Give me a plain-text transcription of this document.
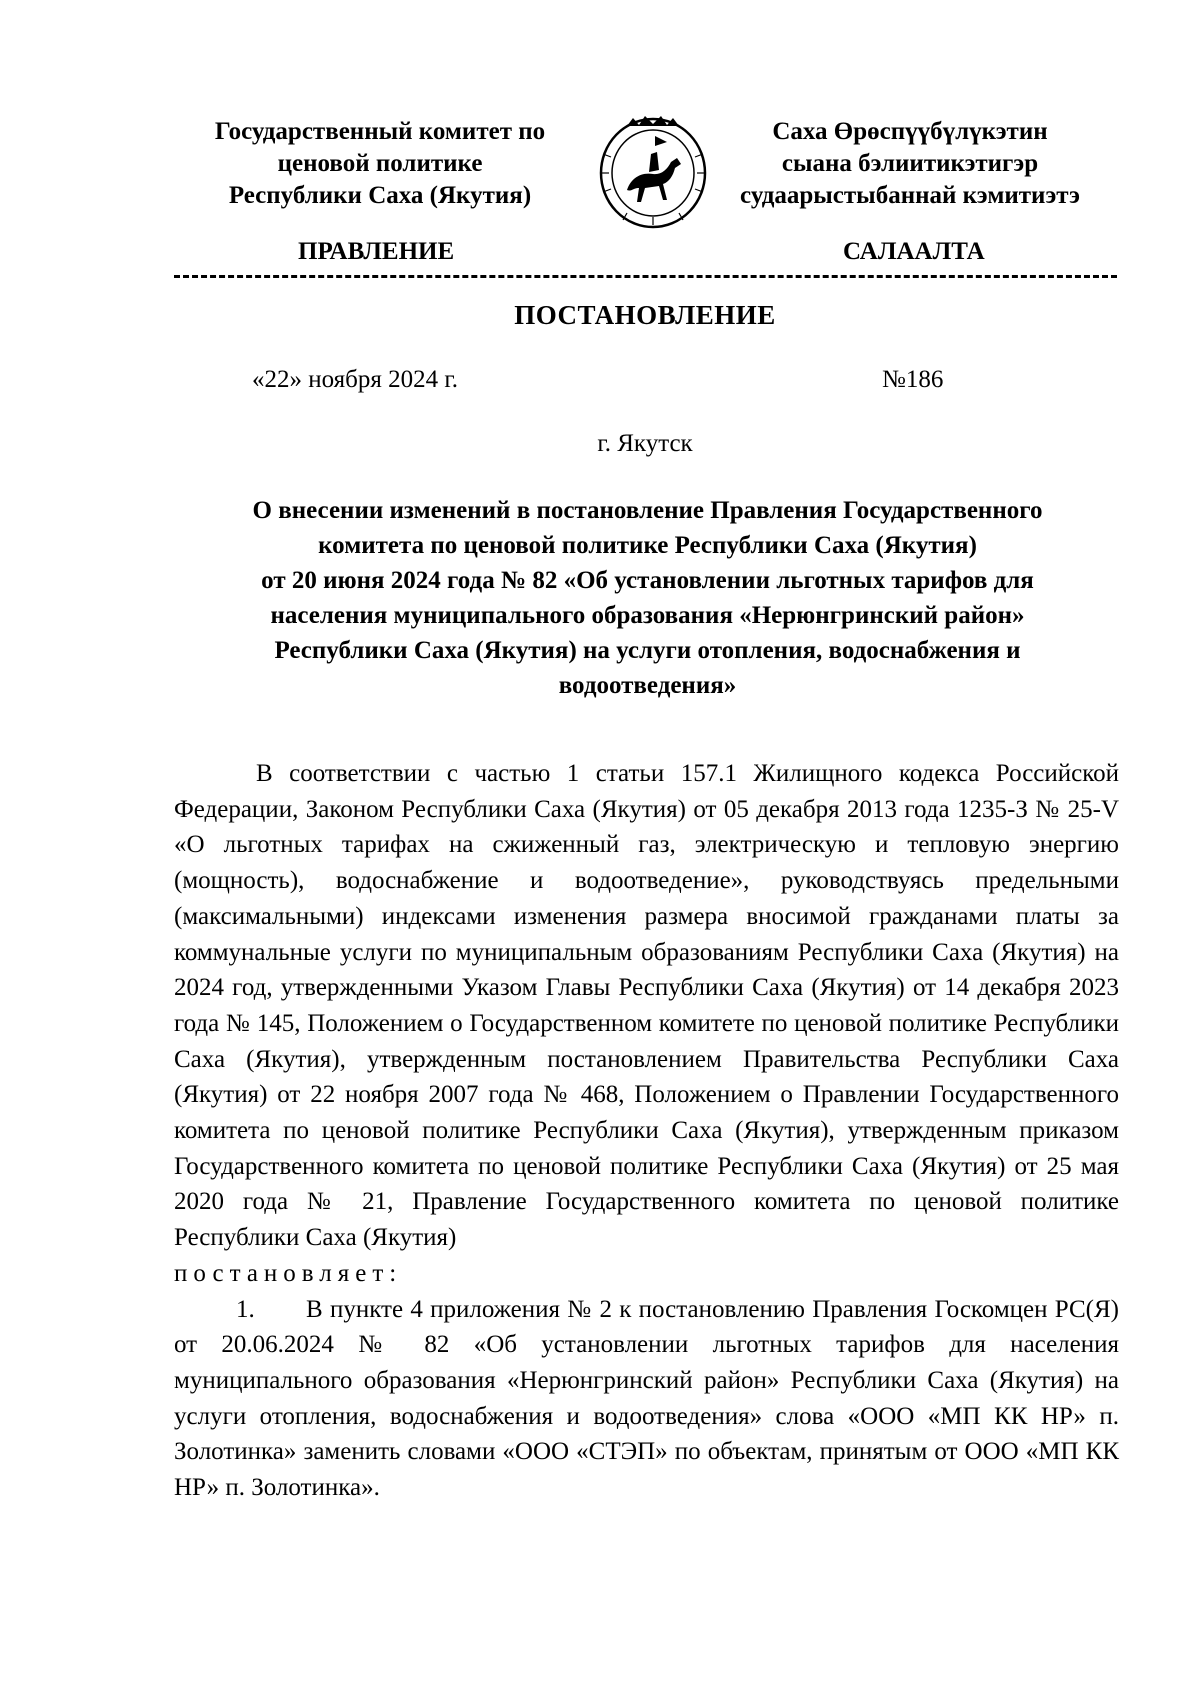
Государственный комитет по
ценовой политике
Республики Саха (Якутия)
Саха Өрөспүүбүлүкэтин
сыана бэлиитикэтигэр
судаарыстыбаннай кэмитиэтэ
ПРАВЛЕНИЕ	САЛААЛТА
ПОСТАНОВЛЕНИЕ
«22» ноября 2024 г.	№186
г. Якутск
О внесении изменений в постановление Правления Государственного
комитета по ценовой политике Республики Саха (Якутия)
от 20 июня 2024 года № 82 «Об установлении льготных тарифов для
населения муниципального образования «Нерюнгринский район»
Республики Саха (Якутия) на услуги отопления, водоснабжения и
водоотведения»

В соответствии с частью 1 статьи 157.1 Жилищного кодекса Российской Федерации, Законом Республики Саха (Якутия) от 05 декабря 2013 года 1235-З № 25-V «О льготных тарифах на сжиженный газ, электрическую и тепловую энергию (мощность), водоснабжение и водоотведение», руководствуясь предельными (максимальными) индексами изменения размера вносимой гражданами платы за коммунальные услуги по муниципальным образованиям Республики Саха (Якутия) на 2024 год, утвержденными Указом Главы Республики Саха (Якутия) от 14 декабря 2023 года № 145, Положением о Государственном комитете по ценовой политике Республики Саха (Якутия), утвержденным постановлением Правительства Республики Саха (Якутия) от 22 ноября 2007 года № 468, Положением о Правлении Государственного комитета по ценовой политике Республики Саха (Якутия), утвержденным приказом Государственного комитета по ценовой политике Республики Саха (Якутия) от 25 мая 2020 года № 21, Правление Государственного комитета по ценовой политике Республики Саха (Якутия)

постановляет:

1. В пункте 4 приложения № 2 к постановлению Правления Госкомцен РС(Я) от 20.06.2024 № 82 «Об установлении льготных тарифов для населения муниципального образования «Нерюнгринский район» Республики Саха (Якутия) на услуги отопления, водоснабжения и водоотведения» слова «ООО «МП КК НР» п. Золотинка» заменить словами «ООО «СТЭП» по объектам, принятым от ООО «МП КК НР» п. Золотинка».
